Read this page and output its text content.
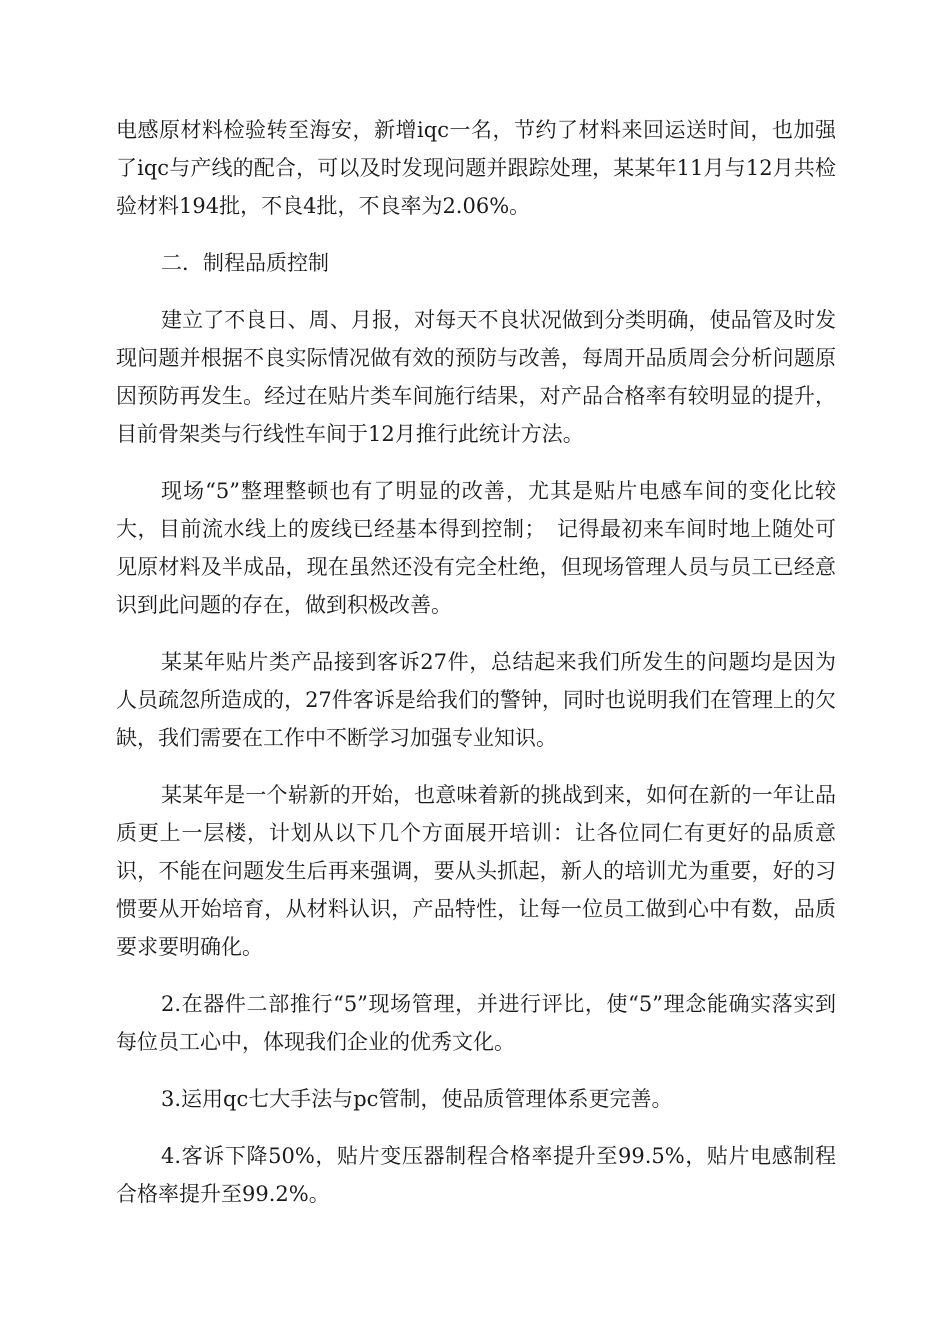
电感原材料检验转至海安，新增iqc一名，节约了材料来回运送时间，也加强了iqc与产线的配合，可以及时发现问题并跟踪处理，某某年11月与12月共检验材料194批，不良4批，不良率为2.06%。

二．制程品质控制

建立了不良日、周、月报，对每天不良状况做到分类明确，使品管及时发现问题并根据不良实际情况做有效的预防与改善，每周开品质周会分析问题原因预防再发生。经过在贴片类车间施行结果，对产品合格率有较明显的提升，目前骨架类与行线性车间于12月推行此统计方法。

现场“5”整理整顿也有了明显的改善，尤其是贴片电感车间的变化比较大，目前流水线上的废线已经基本得到控制；　记得最初来车间时地上随处可见原材料及半成品，现在虽然还没有完全杜绝，但现场管理人员与员工已经意识到此问题的存在，做到积极改善。

某某年贴片类产品接到客诉27件，总结起来我们所发生的问题均是因为人员疏忽所造成的，27件客诉是给我们的警钟，同时也说明我们在管理上的欠缺，我们需要在工作中不断学习加强专业知识。

某某年是一个崭新的开始，也意味着新的挑战到来，如何在新的一年让品质更上一层楼，计划从以下几个方面展开培训：让各位同仁有更好的品质意识，不能在问题发生后再来强调，要从头抓起，新人的培训尤为重要，好的习惯要从开始培育，从材料认识，产品特性，让每一位员工做到心中有数，品质要求要明确化。

2.在器件二部推行“5”现场管理，并进行评比，使“5”理念能确实落实到每位员工心中，体现我们企业的优秀文化。

3.运用qc七大手法与pc管制，使品质管理体系更完善。

4.客诉下降50%，贴片变压器制程合格率提升至99.5%，贴片电感制程合格率提升至99.2%。
